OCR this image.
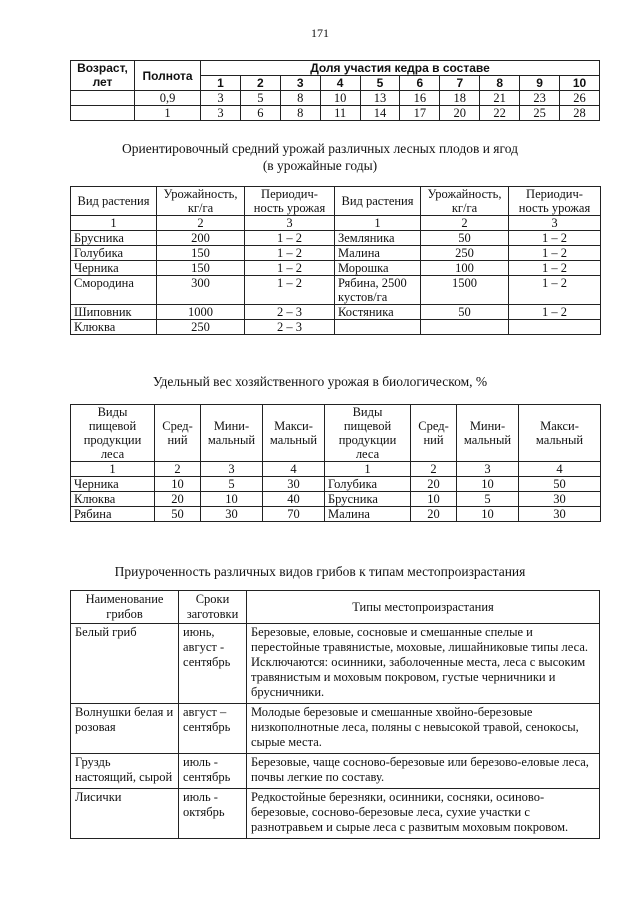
171
Возраст, лет	Полнота	Доля участия кедра в составе									
		1	2	3	4	5	6	7	8	9	10
	0,9	3	5	8	10	13	16	18	21	23	26
	1	3	6	8	11	14	17	20	22	25	28
Ориентировочный средний урожай различных лесных плодов и ягод
(в урожайные годы)
Вид растения	Урожайность, кг/га	Периодич- ность урожая	Вид растения	Урожайность, кг/га	Периодич- ность урожая
1	2	3	1	2	3
Брусника	200	1 – 2	Земляника	50	1 – 2
Голубика	150	1 – 2	Малина	250	1 – 2
Черника	150	1 – 2	Морошка	100	1 – 2
Смородина	300	1 – 2	Рябина, 2500 кустов/га	1500	1 – 2
Шиповник	1000	2 – 3	Костяника	50	1 – 2
Клюква	250	2 – 3			
Удельный вес хозяйственного урожая в биологическом, %
Виды пищевой продукции леса	Сред- ний	Мини- мальный	Макси- мальный	Виды пищевой продукции леса	Сред- ний	Мини- мальный	Макси- мальный
1	2	3	4	1	2	3	4
Черника	10	5	30	Голубика	20	10	50
Клюква	20	10	40	Брусника	10	5	30
Рябина	50	30	70	Малина	20	10	30
Приуроченность различных видов грибов к типам местопроизрастания
Наименование грибов	Сроки заготовки	Типы местопроизрастания
Белый гриб	июнь, август - сентябрь	Березовые, еловые, сосновые и смешанные спелые и перестойные травянистые, моховые, лишайниковые типы леса. Исключаются: осинники, заболоченные места, леса с высоким травянистым и моховым покровом, густые черничники и брусничники.
Волнушки белая и розовая	август – сентябрь	Молодые березовые и смешанные хвойно-березовые низкополнотные леса, поляны с невысокой травой, сенокосы, сырые места.
Груздь настоящий, сырой	июль - сентябрь	Березовые, чаще сосново-березовые или березово-еловые леса, почвы легкие по составу.
Лисички	июль - октябрь	Редкостойные березняки, осинники, сосняки, осиново-березовые, сосново-березовые леса, сухие участки с разнотравьем и сырые леса с развитым моховым покровом.
